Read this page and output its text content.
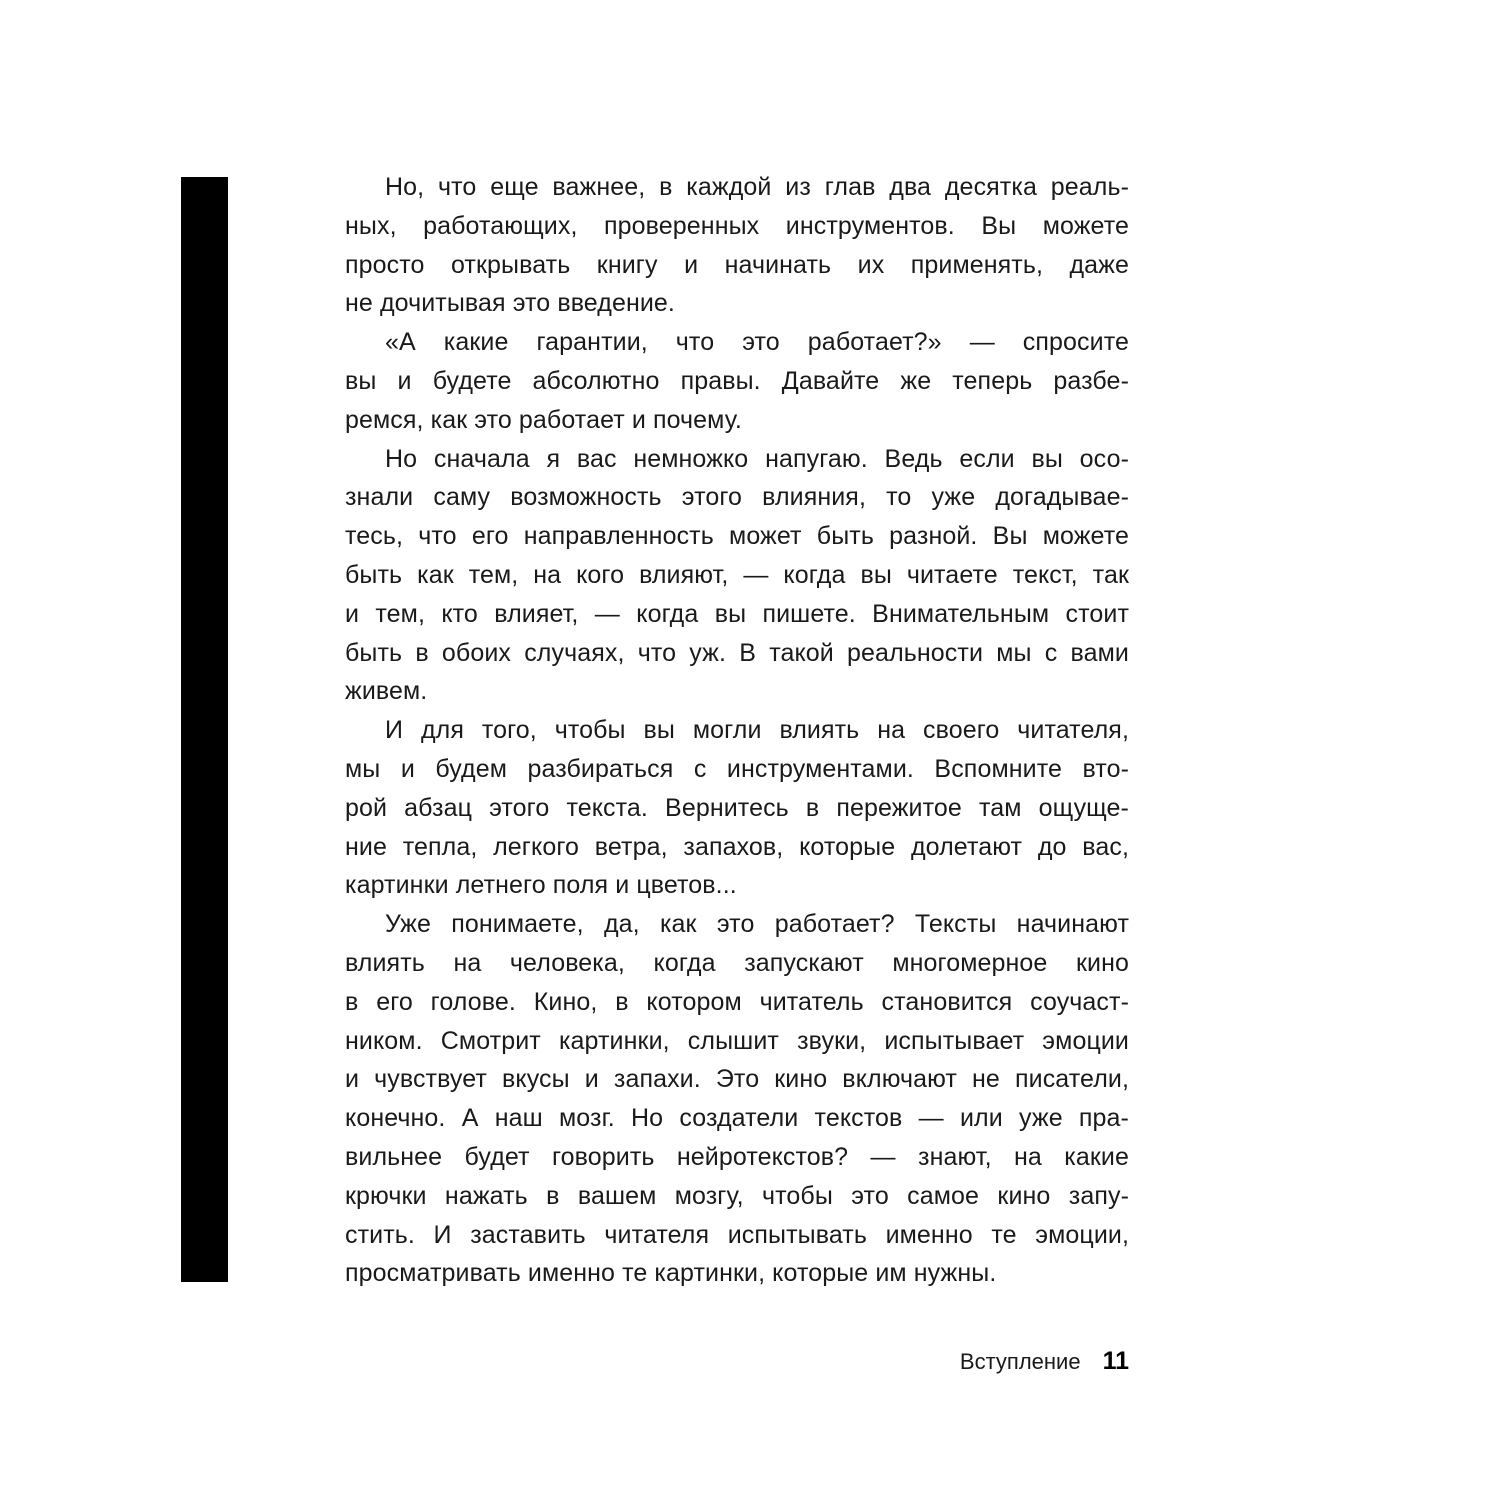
Но, что еще важнее, в каждой из глав два десятка реаль-
ных, работающих, проверенных инструментов. Вы можете
просто открывать книгу и начинать их применять, даже
не дочитывая это введение.
«А какие гарантии, что это работает?» — спросите
вы и будете абсолютно правы. Давайте же теперь разбе-
ремся, как это работает и почему.
Но сначала я вас немножко напугаю. Ведь если вы осо-
знали саму возможность этого влияния, то уже догадывае-
тесь, что его направленность может быть разной. Вы можете
быть как тем, на кого влияют, — когда вы читаете текст, так
и тем, кто влияет, — когда вы пишете. Внимательным стоит
быть в обоих случаях, что уж. В такой реальности мы с вами
живем.
И для того, чтобы вы могли влиять на своего читателя,
мы и будем разбираться с инструментами. Вспомните вто-
рой абзац этого текста. Вернитесь в пережитое там ощуще-
ние тепла, легкого ветра, запахов, которые долетают до вас,
картинки летнего поля и цветов...
Уже понимаете, да, как это работает? Тексты начинают
влиять на человека, когда запускают многомерное кино
в его голове. Кино, в котором читатель становится соучаст-
ником. Смотрит картинки, слышит звуки, испытывает эмоции
и чувствует вкусы и запахи. Это кино включают не писатели,
конечно. А наш мозг. Но создатели текстов — или уже пра-
вильнее будет говорить нейротекстов? — знают, на какие
крючки нажать в вашем мозгу, чтобы это самое кино запу-
стить. И заставить читателя испытывать именно те эмоции,
просматривать именно те картинки, которые им нужны.
Вступление 11
